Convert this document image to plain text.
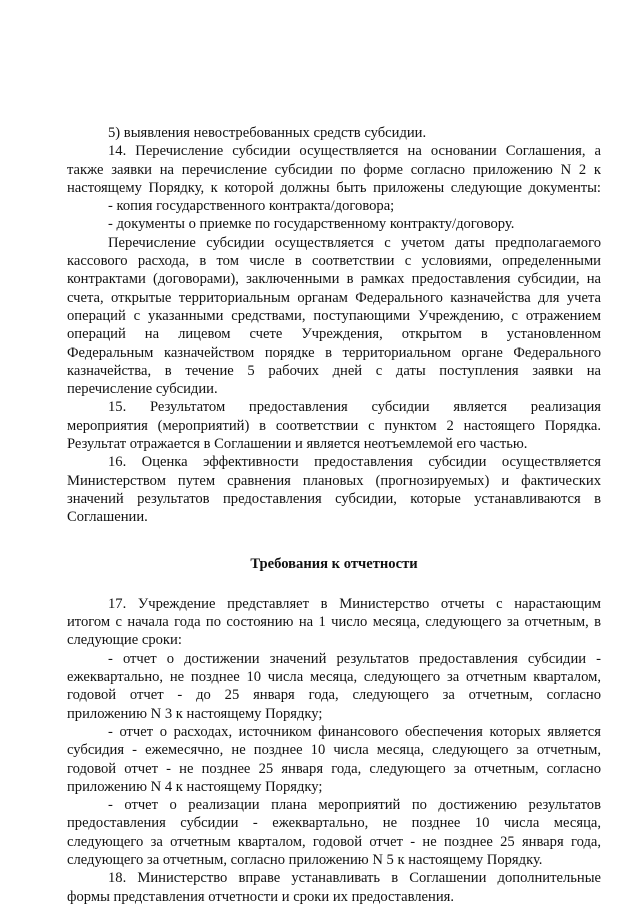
5) выявления невостребованных средств субсидии.
14. Перечисление субсидии осуществляется на основании Соглашения, а
также заявки на перечисление субсидии по форме согласно приложению N 2 к
настоящему Порядку, к которой должны быть приложены следующие документы:
- копия государственного контракта/договора;
- документы о приемке по государственному контракту/договору.
Перечисление субсидии осуществляется с учетом даты предполагаемого
кассового расхода, в том числе в соответствии с условиями, определенными
контрактами (договорами), заключенными в рамках предоставления субсидии, на
счета, открытые территориальным органам Федерального казначейства для учета
операций с указанными средствами, поступающими Учреждению, с отражением
операций на лицевом счете Учреждения, открытом в установленном
Федеральным казначейством порядке в территориальном органе Федерального
казначейства, в течение 5 рабочих дней с даты поступления заявки на
перечисление субсидии.
15. Результатом предоставления субсидии является реализация
мероприятия (мероприятий) в соответствии с пунктом 2 настоящего Порядка.
Результат отражается в Соглашении и является неотъемлемой его частью.
16. Оценка эффективности предоставления субсидии осуществляется
Министерством путем сравнения плановых (прогнозируемых) и фактических
значений результатов предоставления субсидии, которые устанавливаются в
Соглашении.
Требования к отчетности
17. Учреждение представляет в Министерство отчеты с нарастающим
итогом с начала года по состоянию на 1 число месяца, следующего за отчетным, в
следующие сроки:
- отчет о достижении значений результатов предоставления субсидии -
ежеквартально, не позднее 10 числа месяца, следующего за отчетным кварталом,
годовой отчет - до 25 января года, следующего за отчетным, согласно
приложению N 3 к настоящему Порядку;
- отчет о расходах, источником финансового обеспечения которых является
субсидия - ежемесячно, не позднее 10 числа месяца, следующего за отчетным,
годовой отчет - не позднее 25 января года, следующего за отчетным, согласно
приложению N 4 к настоящему Порядку;
- отчет о реализации плана мероприятий по достижению результатов
предоставления субсидии - ежеквартально, не позднее 10 числа месяца,
следующего за отчетным кварталом, годовой отчет - не позднее 25 января года,
следующего за отчетным, согласно приложению N 5 к настоящему Порядку.
18. Министерство вправе устанавливать в Соглашении дополнительные
формы представления отчетности и сроки их предоставления.
